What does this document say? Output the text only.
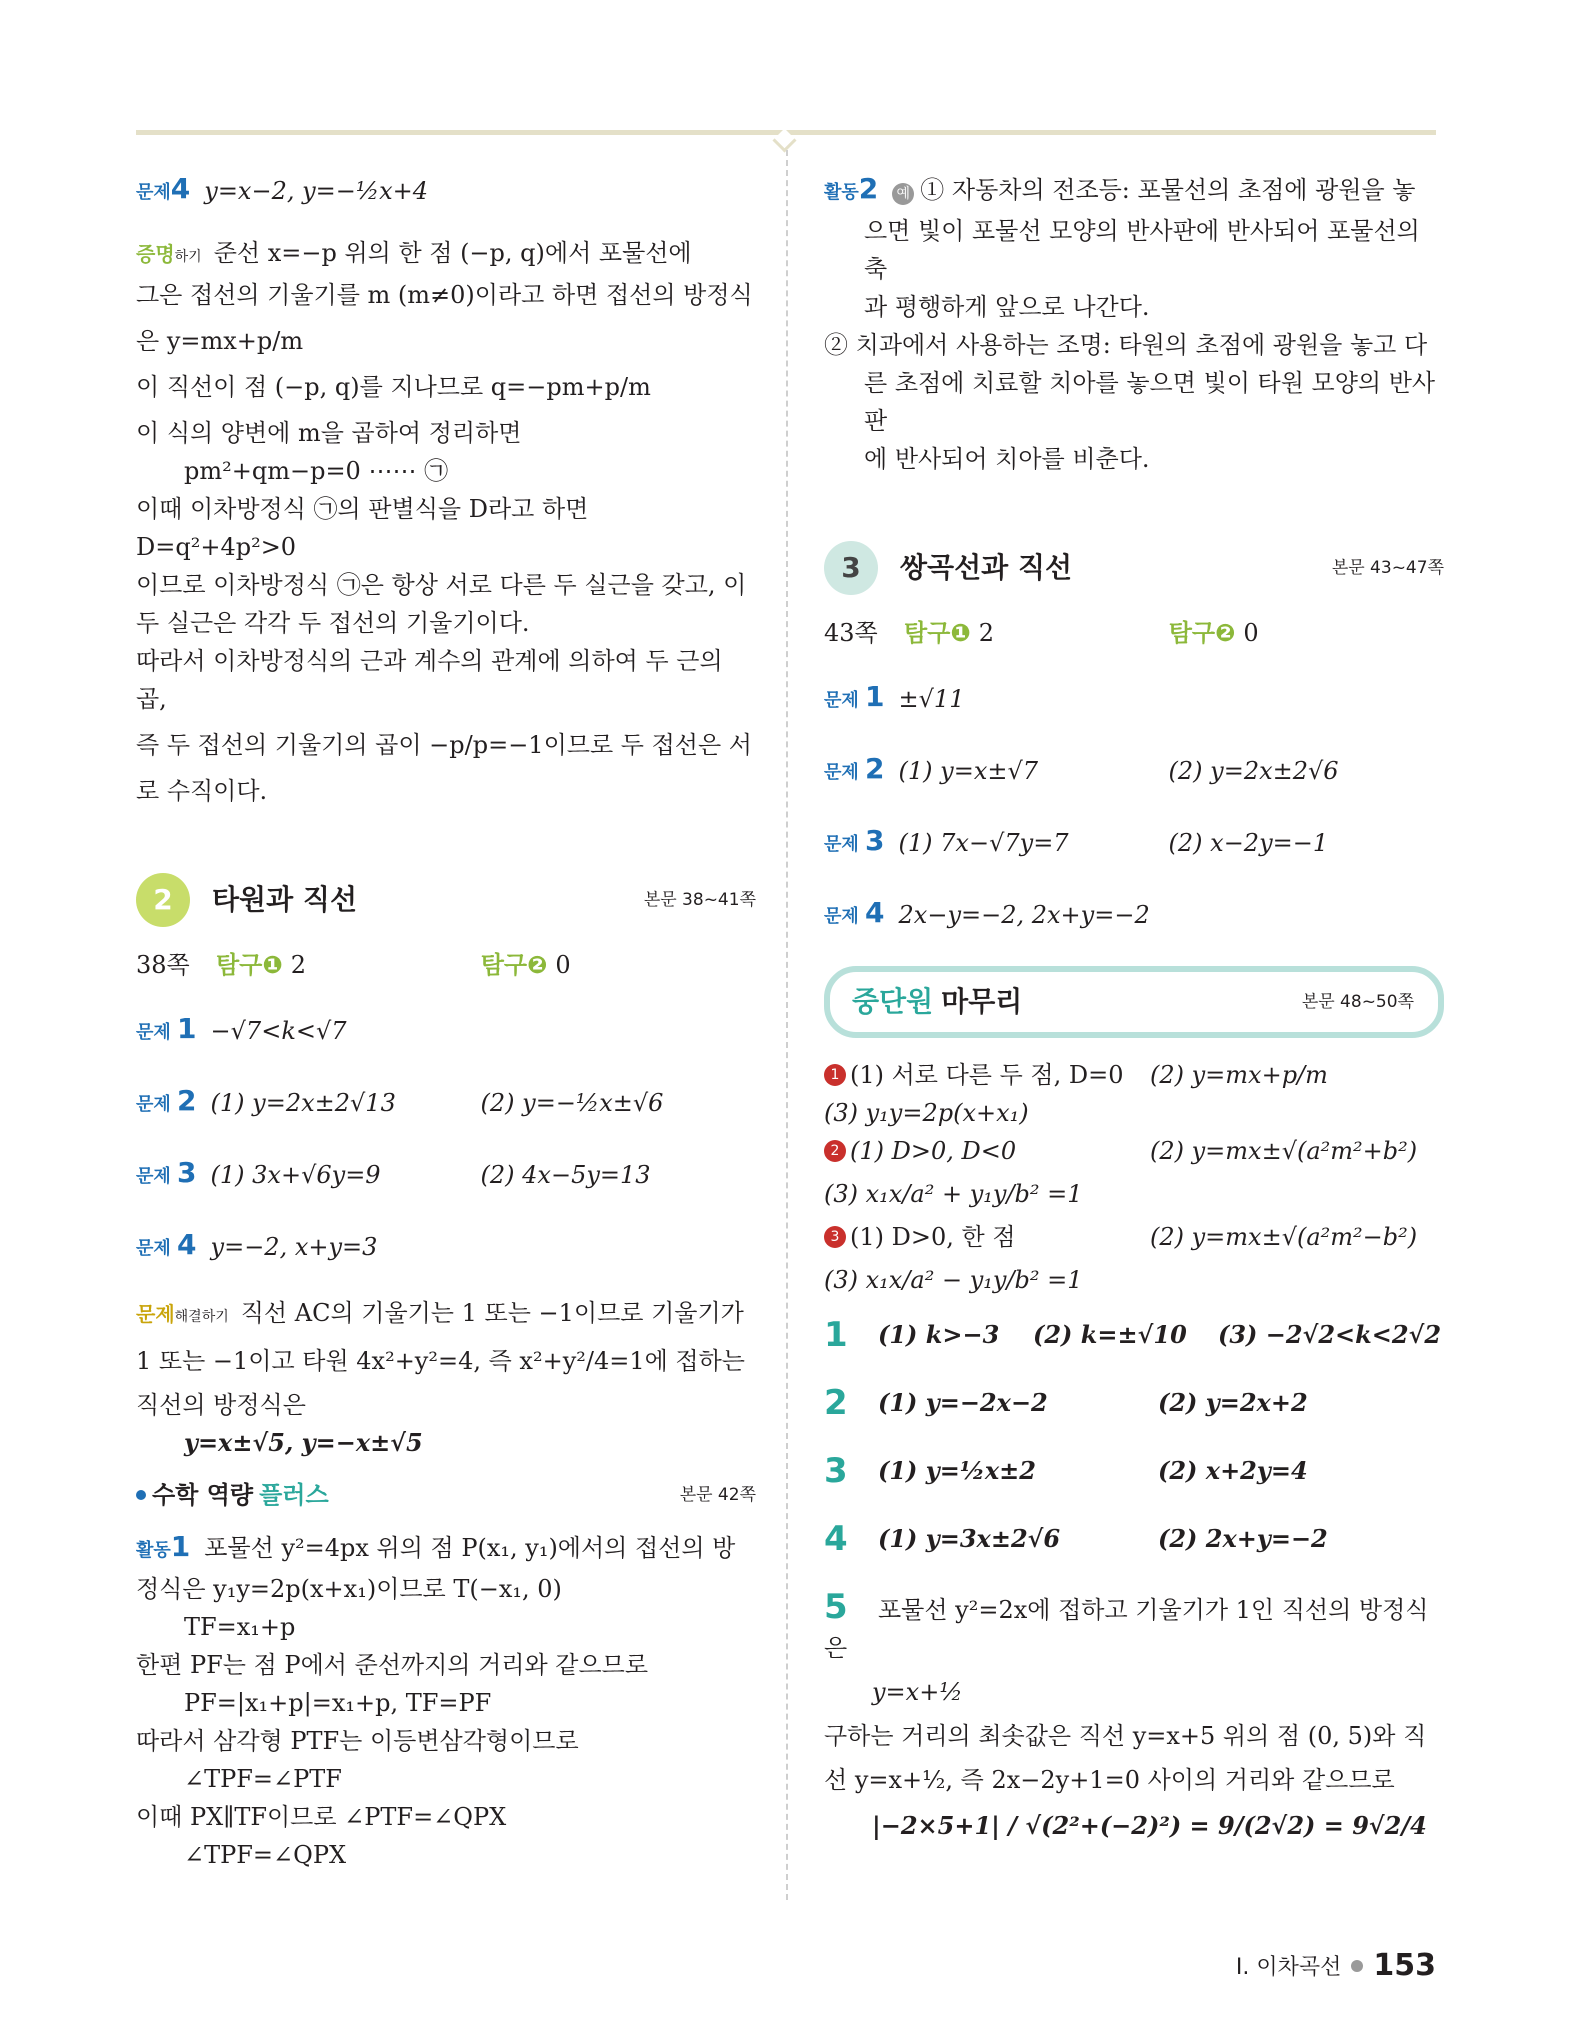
문제4 y=x−2, y=−½x+4

증명하기 준선 x=−p 위의 한 점 (−p, q)에서 포물선에

그은 접선의 기울기를 m (m≠0)이라고 하면 접선의 방정식

은 y=mx+p/m

이 직선이 점 (−p, q)를 지나므로 q=−pm+p/m

이 식의 양변에 m을 곱하여 정리하면

pm²+qm−p=0 ⋯⋯ ㉠

이때 이차방정식 ㉠의 판별식을 D라고 하면 D=q²+4p²>0

이므로 이차방정식 ㉠은 항상 서로 다른 두 실근을 갖고, 이

두 실근은 각각 두 접선의 기울기이다.

따라서 이차방정식의 근과 계수의 관계에 의하여 두 근의 곱,

즉 두 접선의 기울기의 곱이 −p/p=−1이므로 두 접선은 서

로 수직이다.

2	타원과 직선	본문 38~41쪽
38쪽	탐구❶ 2	탐구❷ 0
문제 1 −√7<k<√7
문제 2 (1) y=2x±2√13	(2) y=−½x±√6
문제 3 (1) 3x+√6y=9	(2) 4x−5y=13
문제 4 y=−2, x+y=3

문제해결하기 직선 AC의 기울기는 1 또는 −1이므로 기울기가

1 또는 −1이고 타원 4x²+y²=4, 즉 x²+y²/4=1에 접하는

직선의 방정식은

y=x±√5, y=−x±√5

수학 역량 플러스	본문 42쪽

활동1 포물선 y²=4px 위의 점 P(x₁, y₁)에서의 접선의 방

정식은 y₁y=2p(x+x₁)이므로 T(−x₁, 0)

TF=x₁+p

한편 PF는 점 P에서 준선까지의 거리와 같으므로

PF=|x₁+p|=x₁+p, TF=PF

따라서 삼각형 PTF는 이등변삼각형이므로

∠TPF=∠PTF

이때 PX∥TF이므로 ∠PTF=∠QPX

∠TPF=∠QPX

활동2 예 ① 자동차의 전조등: 포물선의 초점에 광원을 놓

으면 빛이 포물선 모양의 반사판에 반사되어 포물선의 축

과 평행하게 앞으로 나간다.

② 치과에서 사용하는 조명: 타원의 초점에 광원을 놓고 다

른 초점에 치료할 치아를 놓으면 빛이 타원 모양의 반사판

에 반사되어 치아를 비춘다.

3	쌍곡선과 직선	본문 43~47쪽
43쪽	탐구❶ 2	탐구❷ 0
문제 1 ±√11
문제 2 (1) y=x±√7	(2) y=2x±2√6
문제 3 (1) 7x−√7y=7	(2) x−2y=−1
문제 4 2x−y=−2, 2x+y=−2
중단원 마무리	본문 48~50쪽
1 (1) 서로 다른 두 점, D=0	(2) y=mx+p/m
(3) y₁y=2p(x+x₁)
2 (1) D>0, D<0	(2) y=mx±√(a²m²+b²)
(3) x₁x/a² + y₁y/b² =1
3 (1) D>0, 한 점	(2) y=mx±√(a²m²−b²)
(3) x₁x/a² − y₁y/b² =1
1	(1) k>−3	(2) k=±√10	(3) −2√2<k<2√2
2	(1) y=−2x−2	(2) y=2x+2
3	(1) y=½x±2	(2) x+2y=4
4	(1) y=3x±2√6	(2) 2x+y=−2

5 포물선 y²=2x에 접하고 기울기가 1인 직선의 방정식은

y=x+½

구하는 거리의 최솟값은 직선 y=x+5 위의 점 (0, 5)와 직

선 y=x+½, 즉 2x−2y+1=0 사이의 거리와 같으므로

|−2×5+1| / √(2²+(−2)²) = 9/(2√2) = 9√2/4

I. 이차곡선 153
